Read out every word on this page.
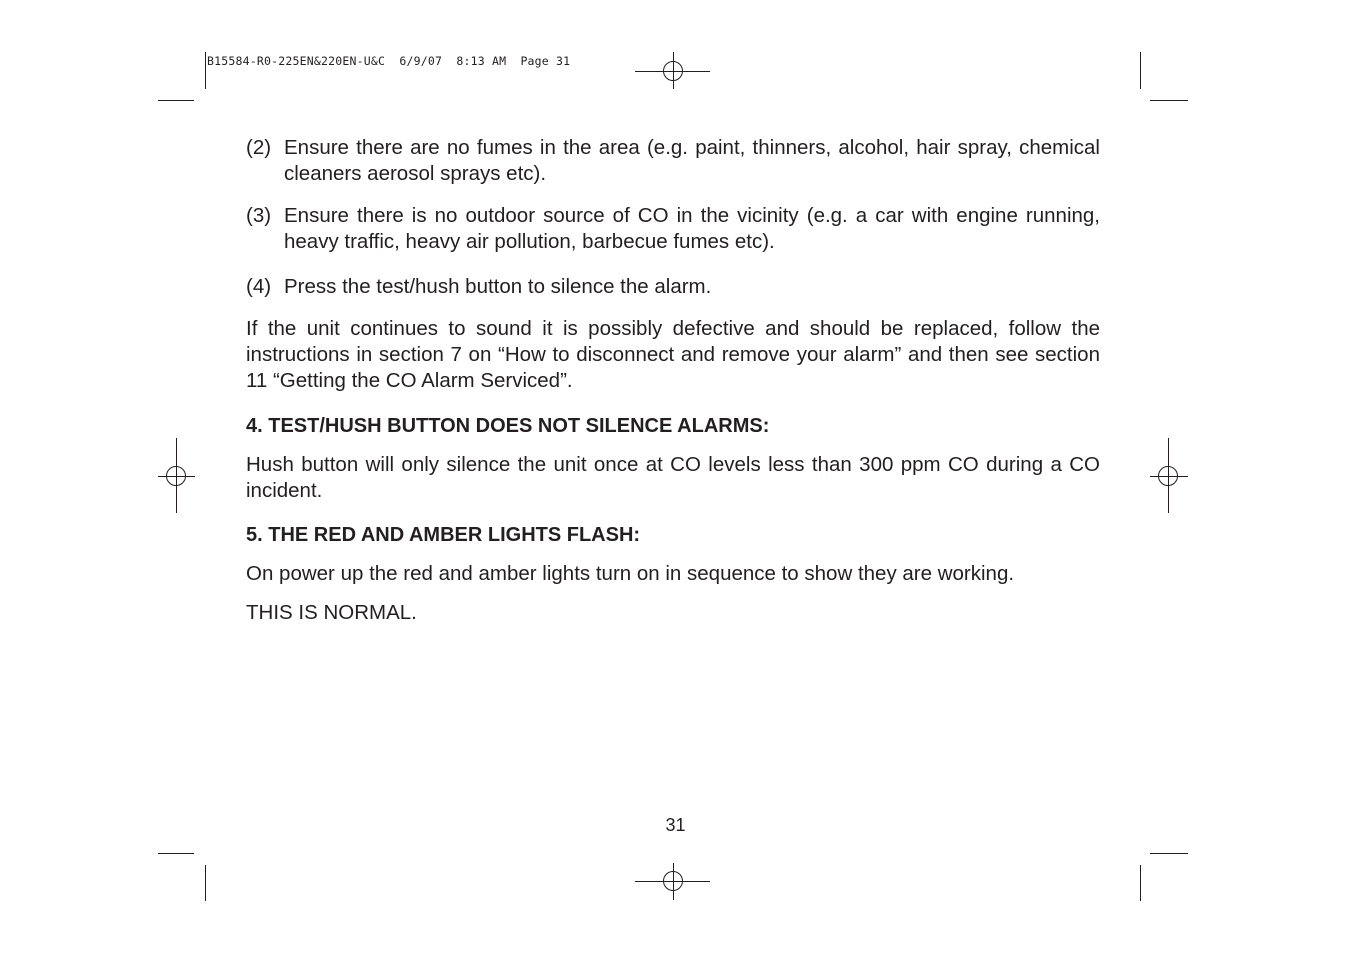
B15584-R0-225EN&220EN-U&C  6/9/07  8:13 AM  Page 31
(2) Ensure there are no fumes in the area (e.g. paint, thinners, alcohol, hair spray, chemical cleaners aerosol sprays etc).
(3) Ensure there is no outdoor source of CO in the vicinity (e.g. a car with engine running, heavy traffic, heavy air pollution, barbecue fumes etc).
(4) Press the test/hush button to silence the alarm.
If the unit continues to sound it is possibly defective and should be replaced, follow the instructions in section 7 on “How to disconnect and remove your alarm” and then see section 11 “Getting the CO Alarm Serviced”.
4. TEST/HUSH BUTTON DOES NOT SILENCE ALARMS:
Hush button will only silence the unit once at CO levels less than 300 ppm CO during a CO incident.
5. THE RED AND AMBER LIGHTS FLASH:
On power up the red and amber lights turn on in sequence to show they are working.
THIS IS NORMAL.
31
